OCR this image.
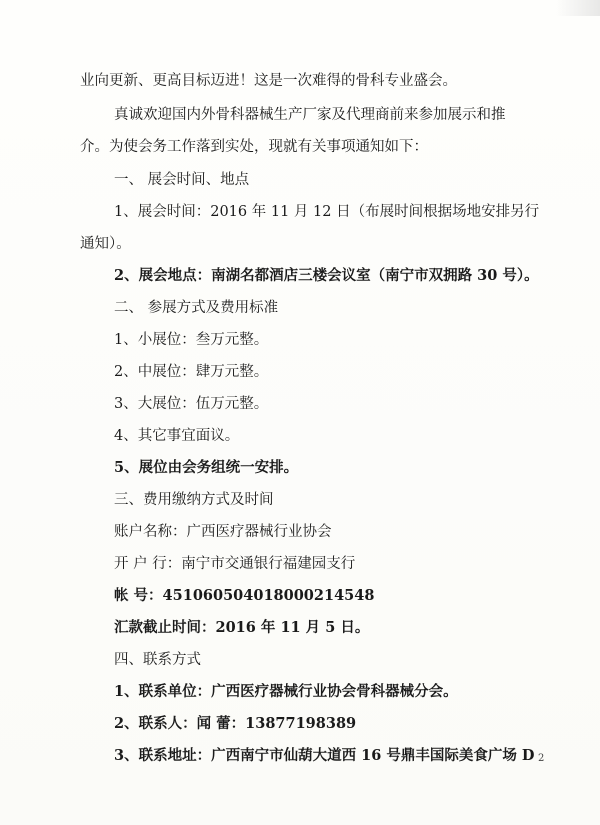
业向更新、更高目标迈进！这是一次难得的骨科专业盛会。
真诚欢迎国内外骨科器械生产厂家及代理商前来参加展示和推
介。为使会务工作落到实处，现就有关事项通知如下：
一、 展会时间、地点
1、展会时间：2016 年 11 月 12 日（布展时间根据场地安排另行
通知）。
2、展会地点：南湖名都酒店三楼会议室（南宁市双拥路 30 号）。
二、 参展方式及费用标准
1、小展位：叁万元整。
2、中展位：肆万元整。
3、大展位：伍万元整。
4、其它事宜面议。
5、展位由会务组统一安排。
三、费用缴纳方式及时间
账户名称：广西医疗器械行业协会
开 户 行：南宁市交通银行福建园支行
帐 号：451060504018000214548
汇款截止时间：2016 年 11 月 5 日。
四、联系方式
1、联系单位：广西医疗器械行业协会骨科器械分会。
2、联系人：闻 蕾：13877198389
3、联系地址：广西南宁市仙葫大道西 16 号鼎丰国际美食广场 D 2
